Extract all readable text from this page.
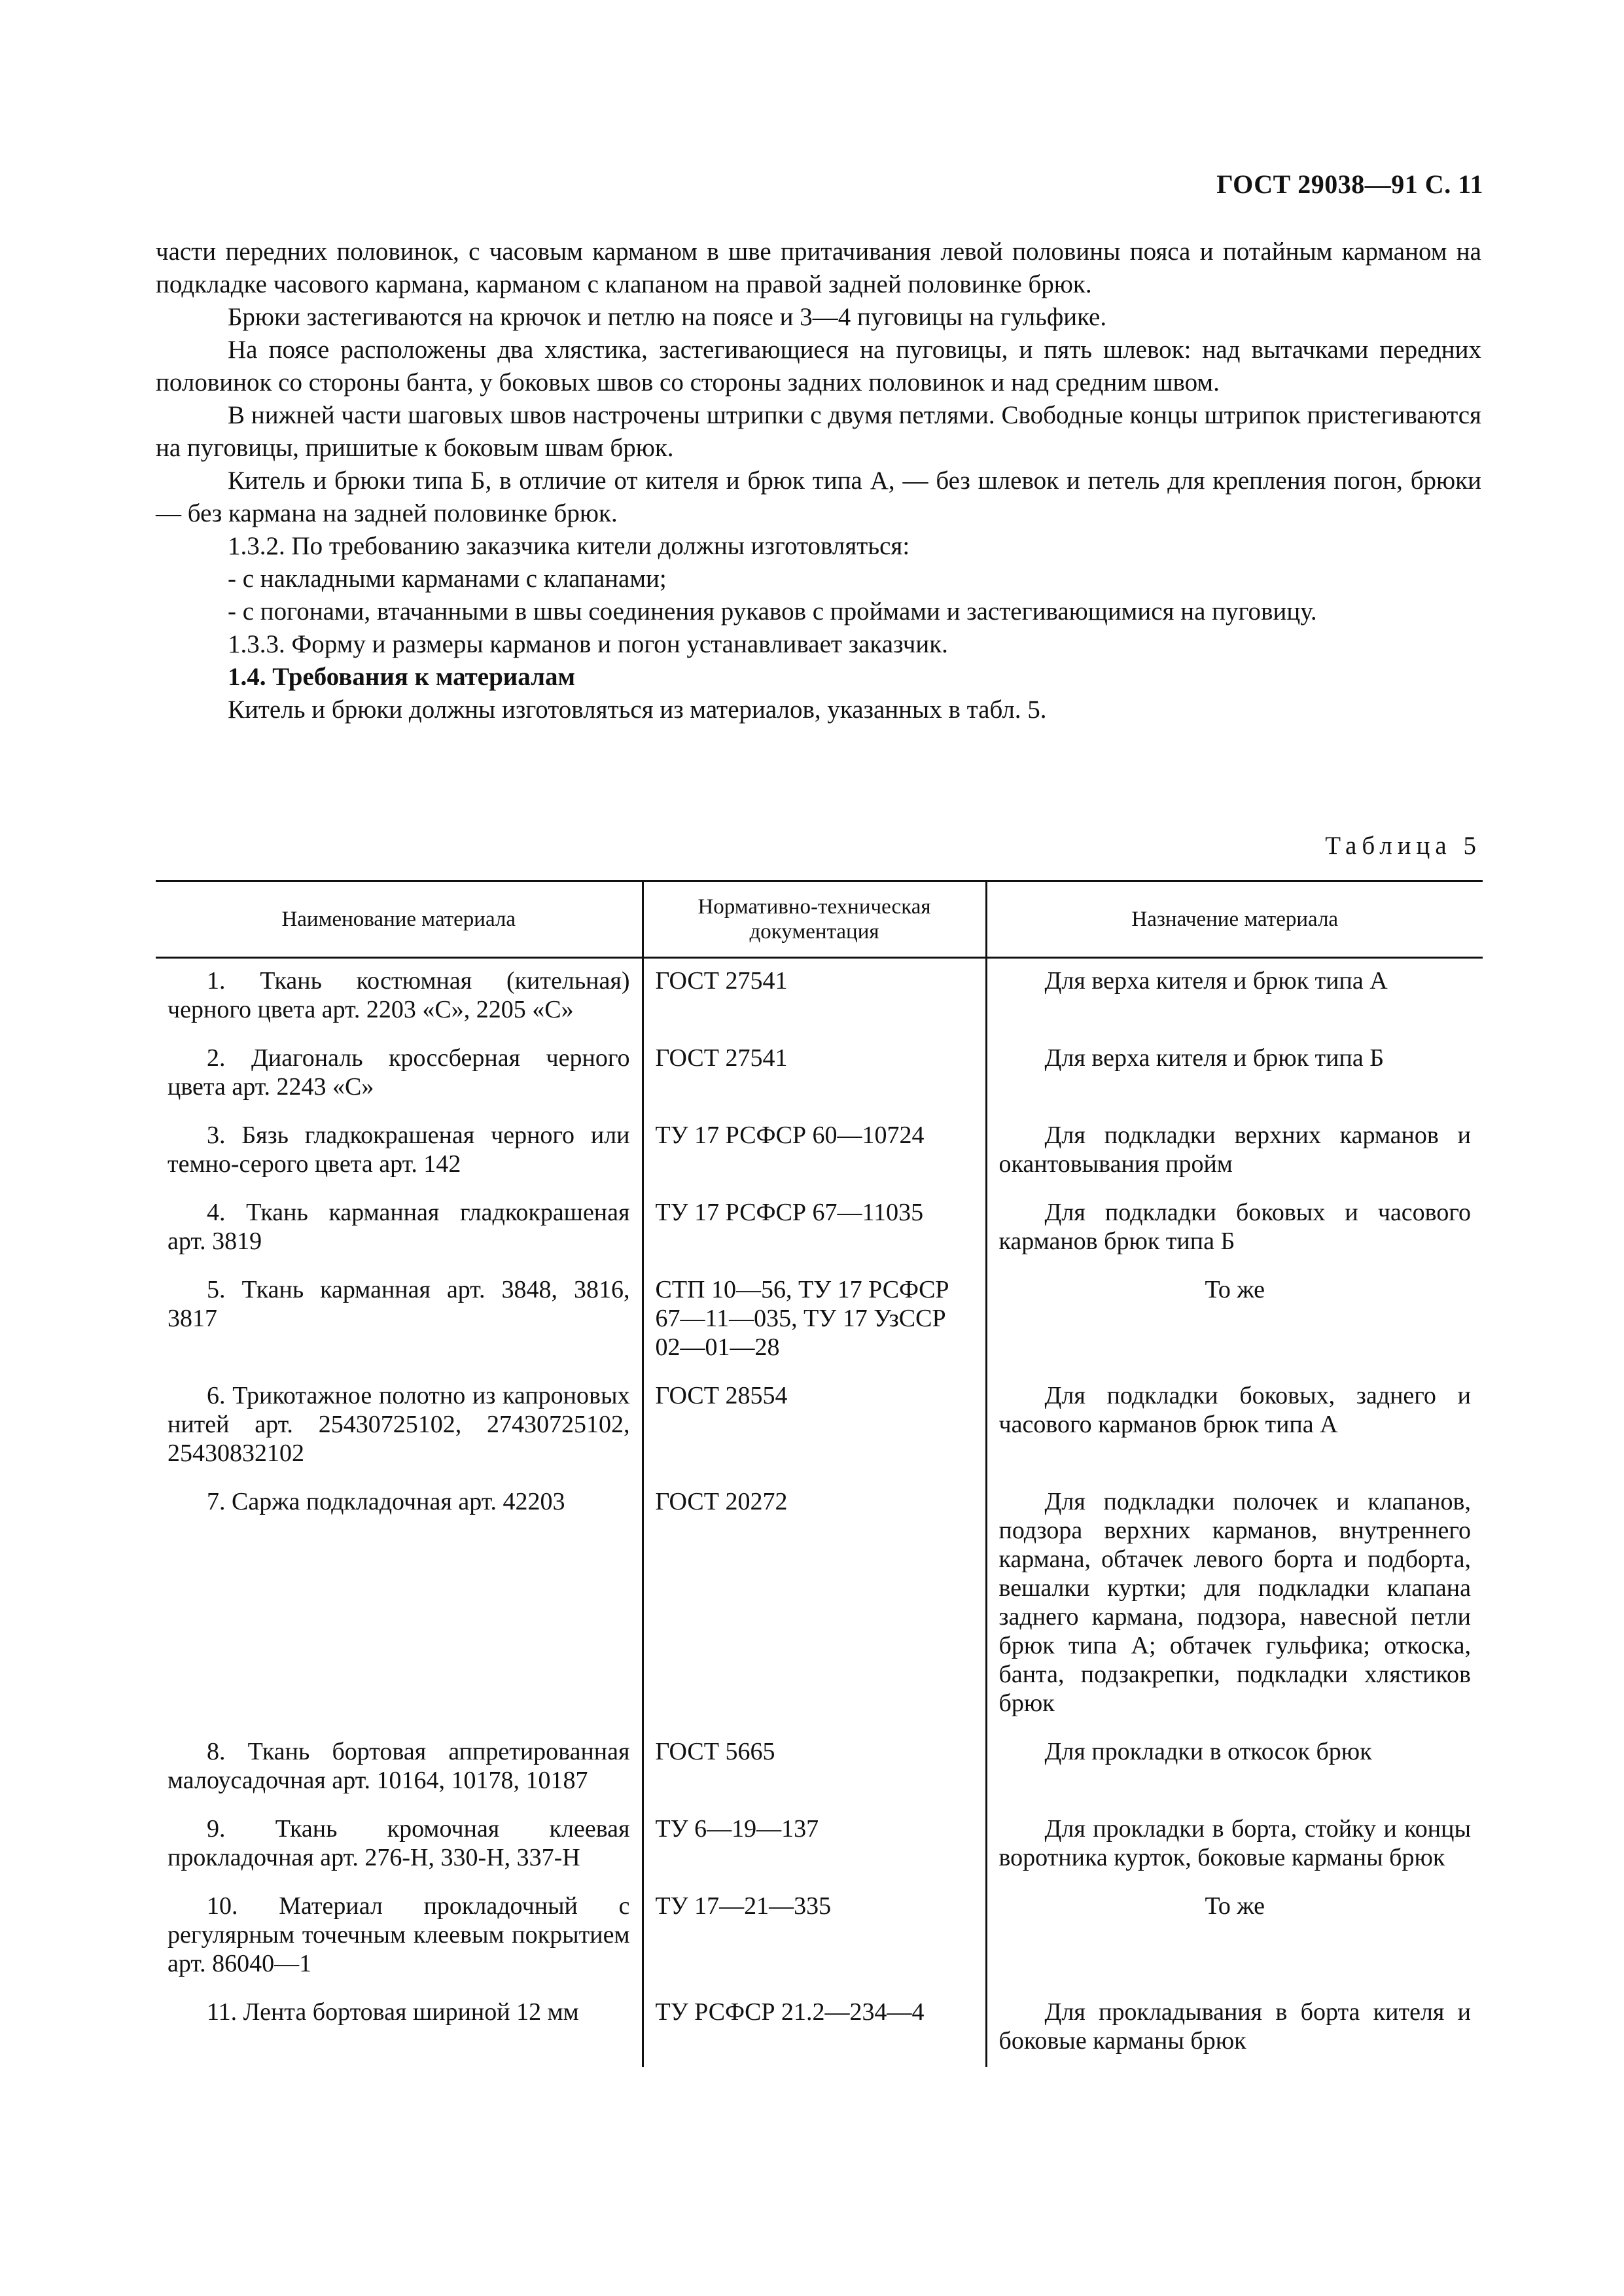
ГОСТ 29038—91 С. 11

части передних половинок, с часовым карманом в шве притачивания левой половины пояса и потайным карманом на подкладке часового кармана, карманом с клапаном на правой задней половинке брюк.

Брюки застегиваются на крючок и петлю на поясе и 3—4 пуговицы на гульфике.

На поясе расположены два хлястика, застегивающиеся на пуговицы, и пять шлевок: над вытачками передних половинок со стороны банта, у боковых швов со стороны задних половинок и над средним швом.

В нижней части шаговых швов настрочены штрипки с двумя петлями. Свободные концы штрипок пристегиваются на пуговицы, пришитые к боковым швам брюк.

Китель и брюки типа Б, в отличие от кителя и брюк типа А, — без шлевок и петель для крепления погон, брюки — без кармана на задней половинке брюк.

1.3.2. По требованию заказчика кители должны изготовляться:

- с накладными карманами с клапанами;

- с погонами, втачанными в швы соединения рукавов с проймами и застегивающимися на пуговицу.

1.3.3. Форму и размеры карманов и погон устанавливает заказчик.

1.4. Требования к материалам

Китель и брюки должны изготовляться из материалов, указанных в табл. 5.

Таблица 5
Наименование материала	Нормативно-техническая документация	Назначение материала
1. Ткань костюмная (кительная) черного цвета арт. 2203 «С», 2205 «С»	ГОСТ 27541	Для верха кителя и брюк типа А
2. Диагональ кроссберная черного цвета арт. 2243 «С»	ГОСТ 27541	Для верха кителя и брюк типа Б
3. Бязь гладкокрашеная черного или темно-серого цвета арт. 142	ТУ 17 РСФСР 60—10724	Для подкладки верхних карманов и окантовывания пройм
4. Ткань карманная гладкокрашеная арт. 3819	ТУ 17 РСФСР 67—11035	Для подкладки боковых и часового карманов брюк типа Б
5. Ткань карманная арт. 3848, 3816, 3817	СТП 10—56, ТУ 17 РСФСР 67—11—035, ТУ 17 УзССР 02—01—28	То же
6. Трикотажное полотно из капроновых нитей арт. 25430725102, 27430725102, 25430832102	ГОСТ 28554	Для подкладки боковых, заднего и часового карманов брюк типа А
7. Саржа подкладочная арт. 42203	ГОСТ 20272	Для подкладки полочек и клапанов, подзора верхних карманов, внутреннего кармана, обтачек левого борта и подборта, вешалки куртки; для подкладки клапана заднего кармана, подзора, навесной петли брюк типа А; обтачек гульфика; откоска, банта, подзакрепки, подкладки хлястиков брюк
8. Ткань бортовая аппретированная малоусадочная арт. 10164, 10178, 10187	ГОСТ 5665	Для прокладки в откосок брюк
9. Ткань кромочная клеевая прокладочная арт. 276-Н, 330-Н, 337-Н	ТУ 6—19—137	Для прокладки в борта, стойку и концы воротника курток, боковые карманы брюк
10. Материал прокладочный с регулярным точечным клеевым покрытием арт. 86040—1	ТУ 17—21—335	То же
11. Лента бортовая шириной 12 мм	ТУ РСФСР 21.2—234—4	Для прокладывания в борта кителя и боковые карманы брюк
